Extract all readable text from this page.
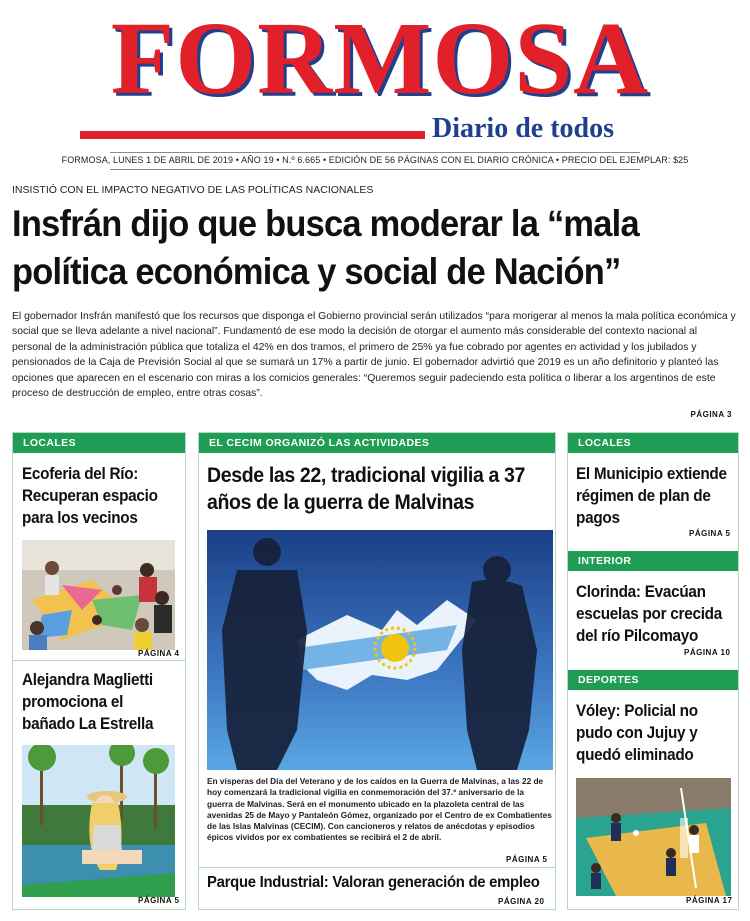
FORMOSA
Diario de todos
FORMOSA, LUNES 1 DE ABRIL DE 2019 • AÑO 19 • N.º 6.665 • EDICIÓN DE 56 PÁGINAS CON EL DIARIO CRÓNICA • PRECIO DEL EJEMPLAR: $25
INSISTIÓ CON EL IMPACTO NEGATIVO DE LAS POLÍTICAS NACIONALES
Insfrán dijo que busca moderar la “mala
política económica y social de Nación”
El gobernador Insfrán manifestó que los recursos que disponga el Gobierno provincial serán utilizados “para morigerar al menos la mala política económica y social que se lleva adelante a nivel nacional”. Fundamentó de ese modo la decisión de otorgar el aumento más considerable del contexto nacional al personal de la administración pública que totaliza el 42% en dos tramos, el primero de 25% ya fue cobrado por agentes en actividad y los jubilados y pensionados de la Caja de Previsión Social al que se sumará un 17% a partir de junio. El gobernador advirtió que 2019 es un año definitorio y planteó las opciones que aparecen en el escenario con miras a los comicios generales: “Queremos seguir padeciendo esta política o liberar a los argentinos de este proceso de destrucción de empleo, entre otras cosas”.
PÁGINA 3
LOCALES
Ecoferia del Río: Recuperan espacio para los vecinos
PÁGINA 4
Alejandra Maglietti promociona el bañado La Estrella
PÁGINA 5
EL CECIM ORGANIZÓ LAS ACTIVIDADES
Desde las 22, tradicional vigilia a 37 años de la guerra de Malvinas
En vísperas del Día del Veterano y de los caídos en la Guerra de Malvinas, a las 22 de hoy comenzará la tradicional vigilia en conmemoración del 37.º aniversario de la guerra de Malvinas. Será en el monumento ubicado en la plazoleta central de las avenidas 25 de Mayo y Pantaleón Gómez, organizado por el Centro de ex Combatientes de las Islas Malvinas (CECIM). Con cancioneros y relatos de anécdotas y episodios épicos vividos por ex combatientes se recibirá el 2 de abril.
PÁGINA 5
Parque Industrial: Valoran generación de empleo
PÁGINA 20
LOCALES
El Municipio extiende régimen de plan de pagos
PÁGINA 5
INTERIOR
Clorinda: Evacúan escuelas por crecida del río Pilcomayo
PÁGINA 10
DEPORTES
Vóley: Policial no pudo con Jujuy y quedó eliminado
PÁGINA 17
